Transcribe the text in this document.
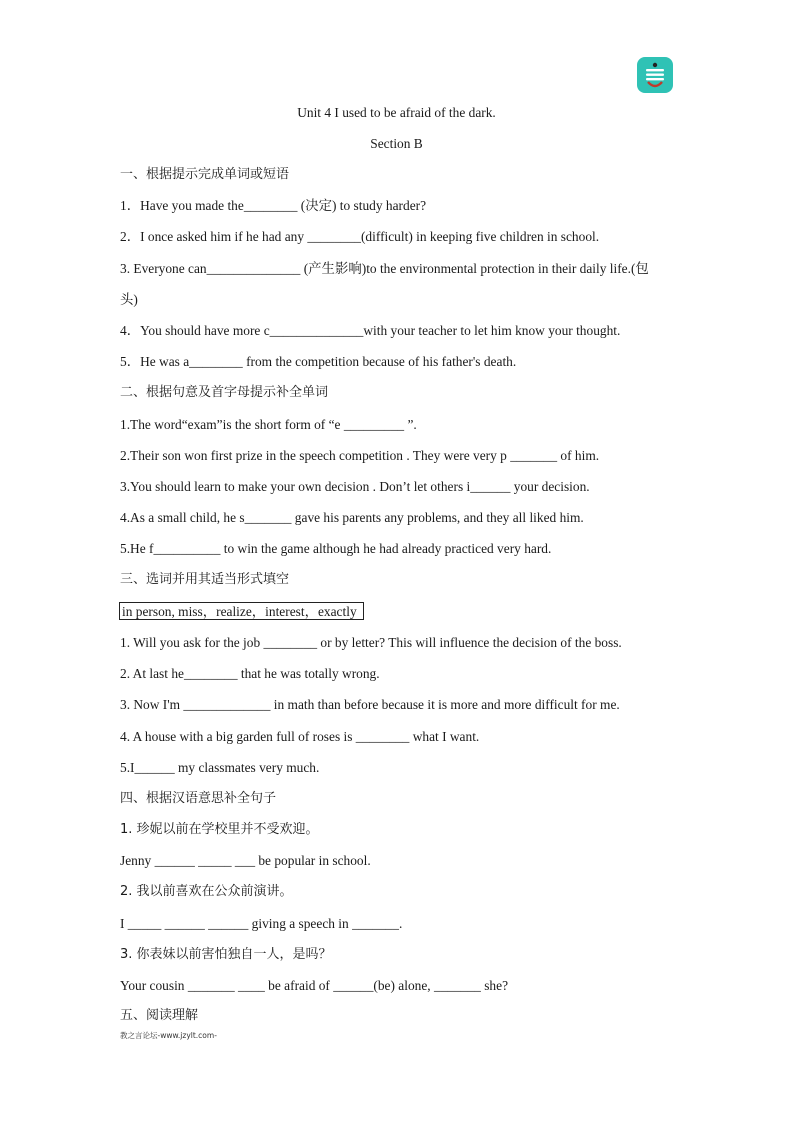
Unit 4 I used to be afraid of the dark.
Section B
一、根据提示完成单词或短语
1．Have you made the________ (决定) to study harder?
2．I once asked him if he had any ________(difficult) in keeping five children in school.
3. Everyone can______________ (产生影响)to the environmental protection in their daily life.(包
头)
4．You should have more c______________with your teacher to let him know your thought.
5．He was a________ from the competition because of his father's death.
二、根据句意及首字母提示补全单词
1.The word“exam”is the short form of “e _________ ”.
2.Their son won first prize in the speech competition . They were very p _______ of him.
3.You should learn to make your own decision . Don’t let others i______ your decision.
4.As a small child, he s_______ gave his parents any problems, and they all liked him.
5.He f__________ to win the game although he had already practiced very hard.
三、选词并用其适当形式填空
in person, miss，realize，interest，exactly
1. Will you ask for the job ________ or by letter? This will influence the decision of the boss.
2. At last he________ that he was totally wrong.
3. Now I'm _____________ in math than before because it is more and more difficult for me.
4. A house with a big garden full of roses is ________ what I want.
5.I______ my classmates very much.
四、根据汉语意思补全句子
1. 珍妮以前在学校里并不受欢迎。
Jenny ______ _____ ___ be popular in school.
2. 我以前喜欢在公众前演讲。
I _____ ______ ______ giving a speech in _______.
3. 你表妹以前害怕独自一人，是吗？
Your cousin _______ ____ be afraid of ______(be) alone, _______ she?
五、阅读理解
教之言论坛-www.jzylt.com-
